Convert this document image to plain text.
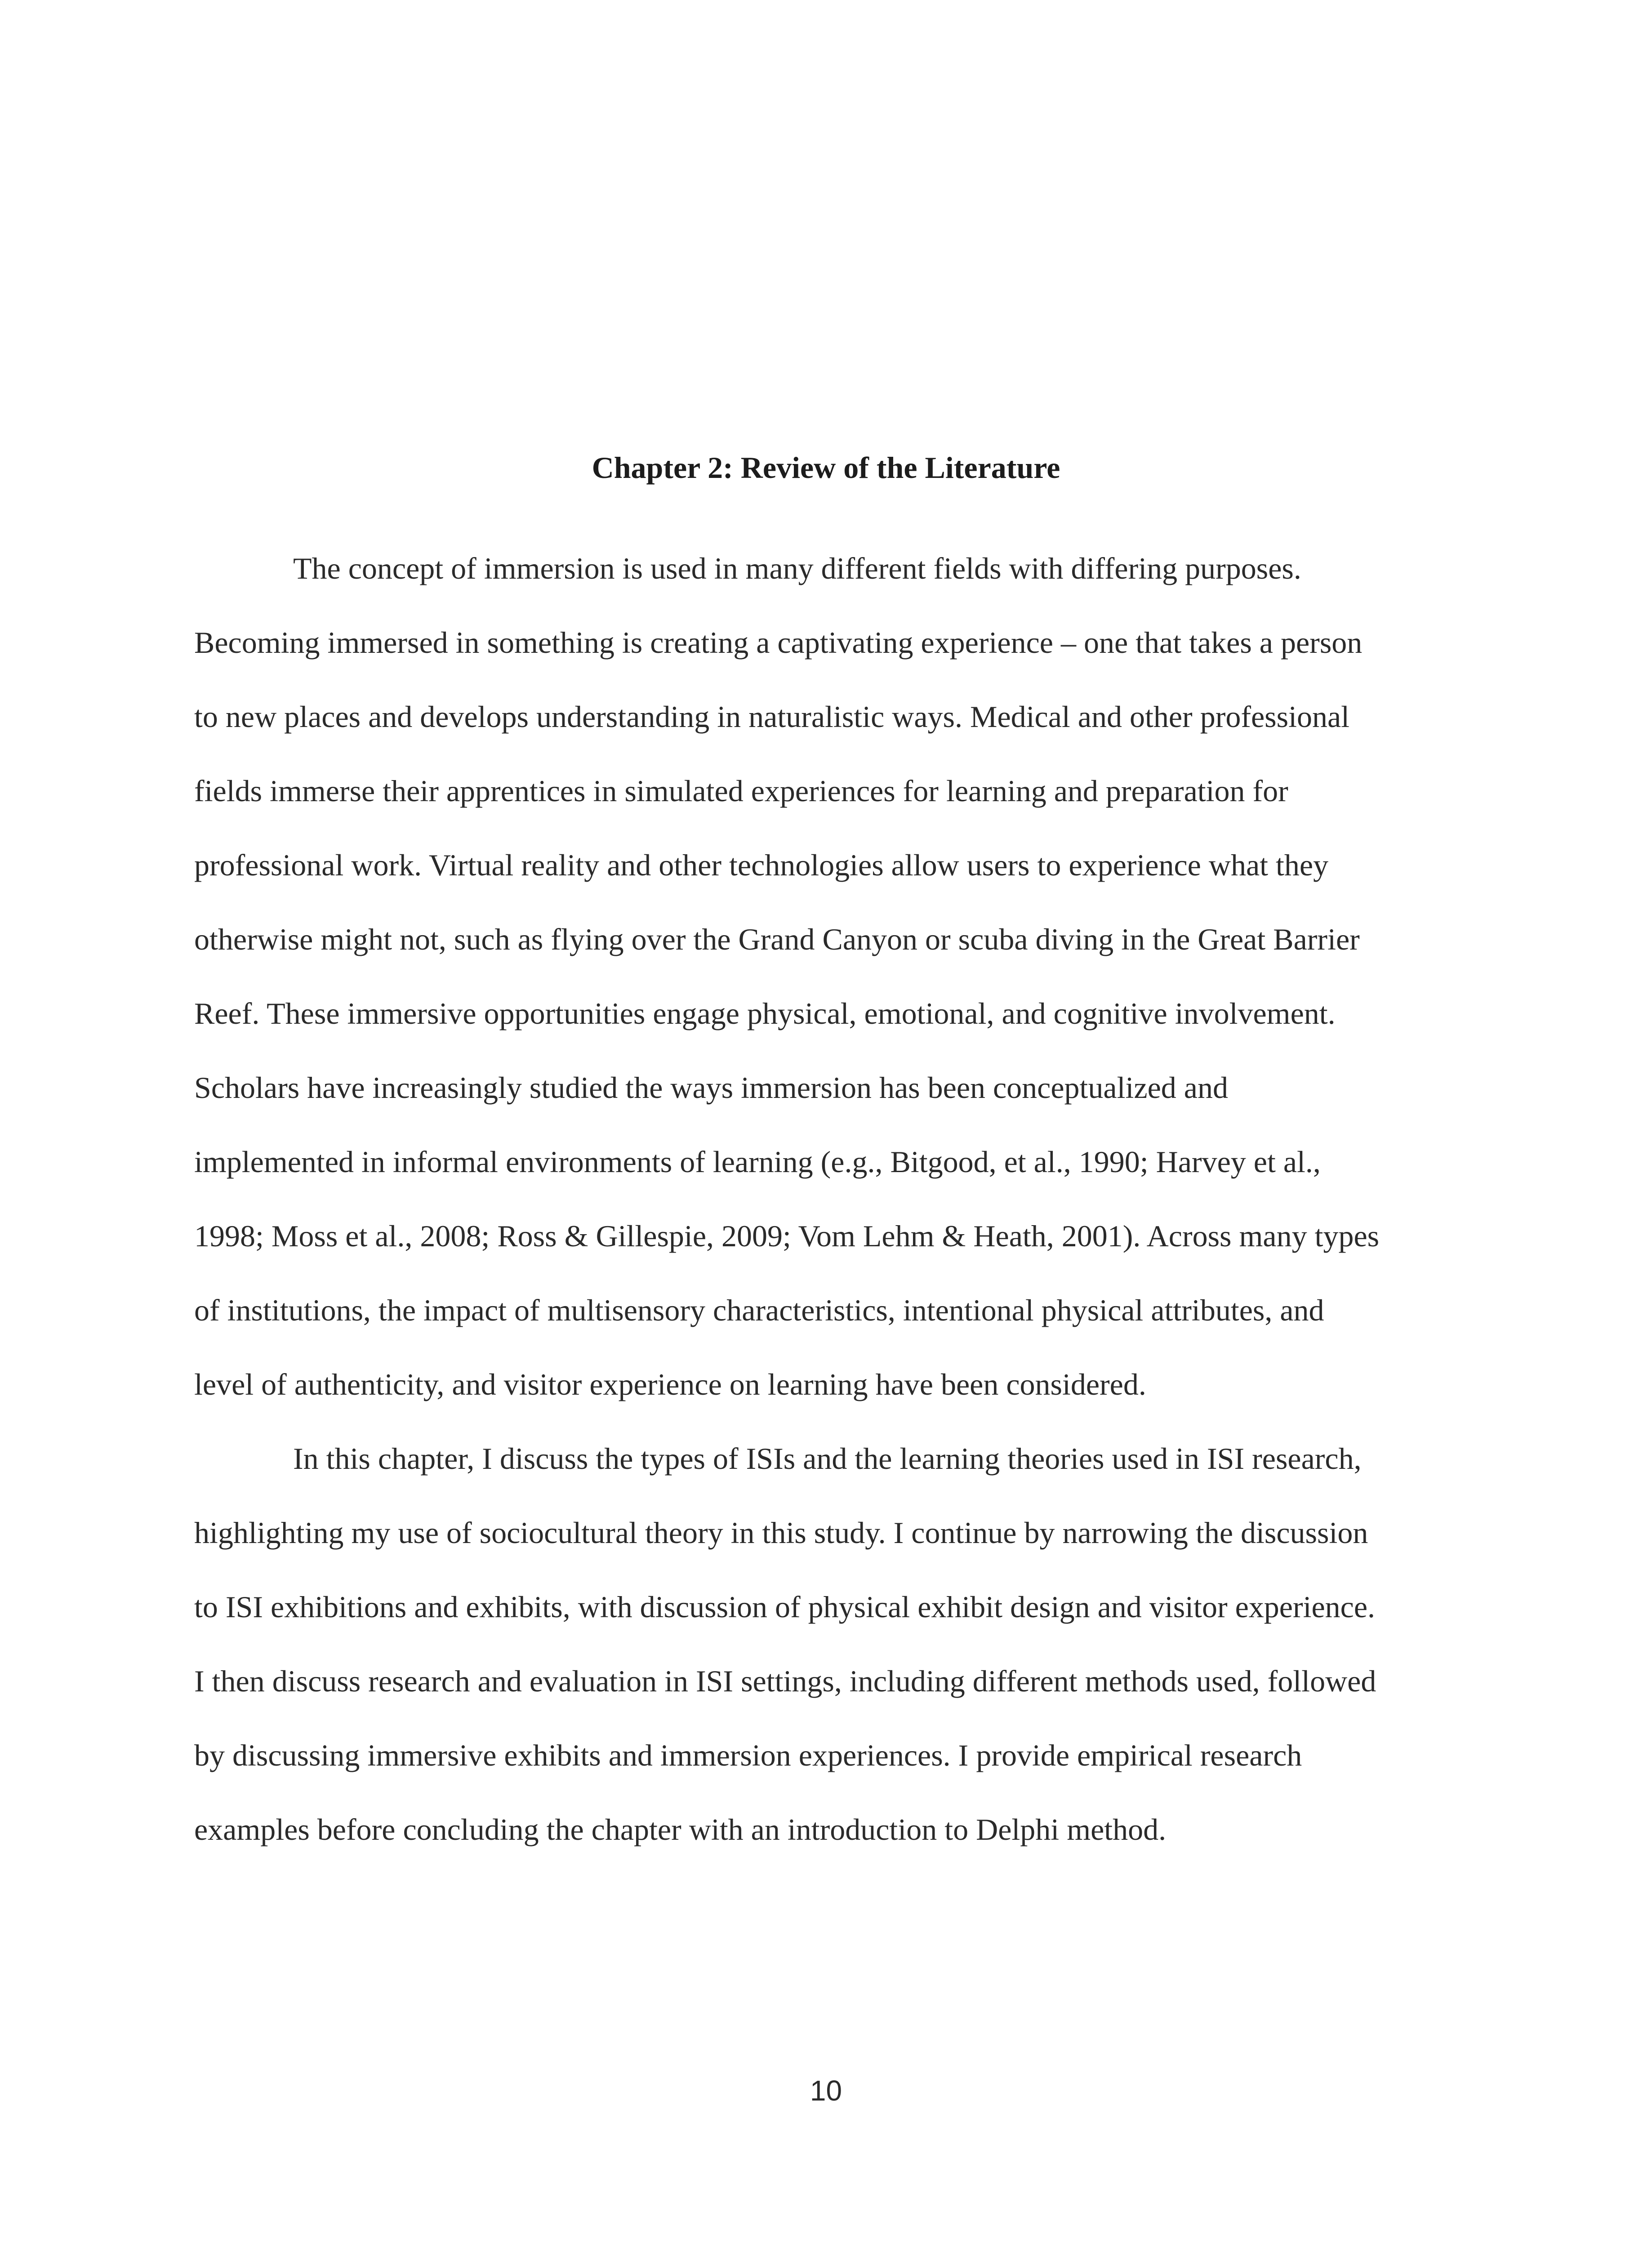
Chapter 2: Review of the Literature
The concept of immersion is used in many different fields with differing purposes.
Becoming immersed in something is creating a captivating experience – one that takes a person
to new places and develops understanding in naturalistic ways. Medical and other professional
fields immerse their apprentices in simulated experiences for learning and preparation for
professional work. Virtual reality and other technologies allow users to experience what they
otherwise might not, such as flying over the Grand Canyon or scuba diving in the Great Barrier
Reef. These immersive opportunities engage physical, emotional, and cognitive involvement.
Scholars have increasingly studied the ways immersion has been conceptualized and
implemented in informal environments of learning (e.g., Bitgood, et al., 1990; Harvey et al.,
1998; Moss et al., 2008; Ross & Gillespie, 2009; Vom Lehm & Heath, 2001). Across many types
of institutions, the impact of multisensory characteristics, intentional physical attributes, and
level of authenticity, and visitor experience on learning have been considered.
In this chapter, I discuss the types of ISIs and the learning theories used in ISI research,
highlighting my use of sociocultural theory in this study. I continue by narrowing the discussion
to ISI exhibitions and exhibits, with discussion of physical exhibit design and visitor experience.
I then discuss research and evaluation in ISI settings, including different methods used, followed
by discussing immersive exhibits and immersion experiences. I provide empirical research
examples before concluding the chapter with an introduction to Delphi method.
10
